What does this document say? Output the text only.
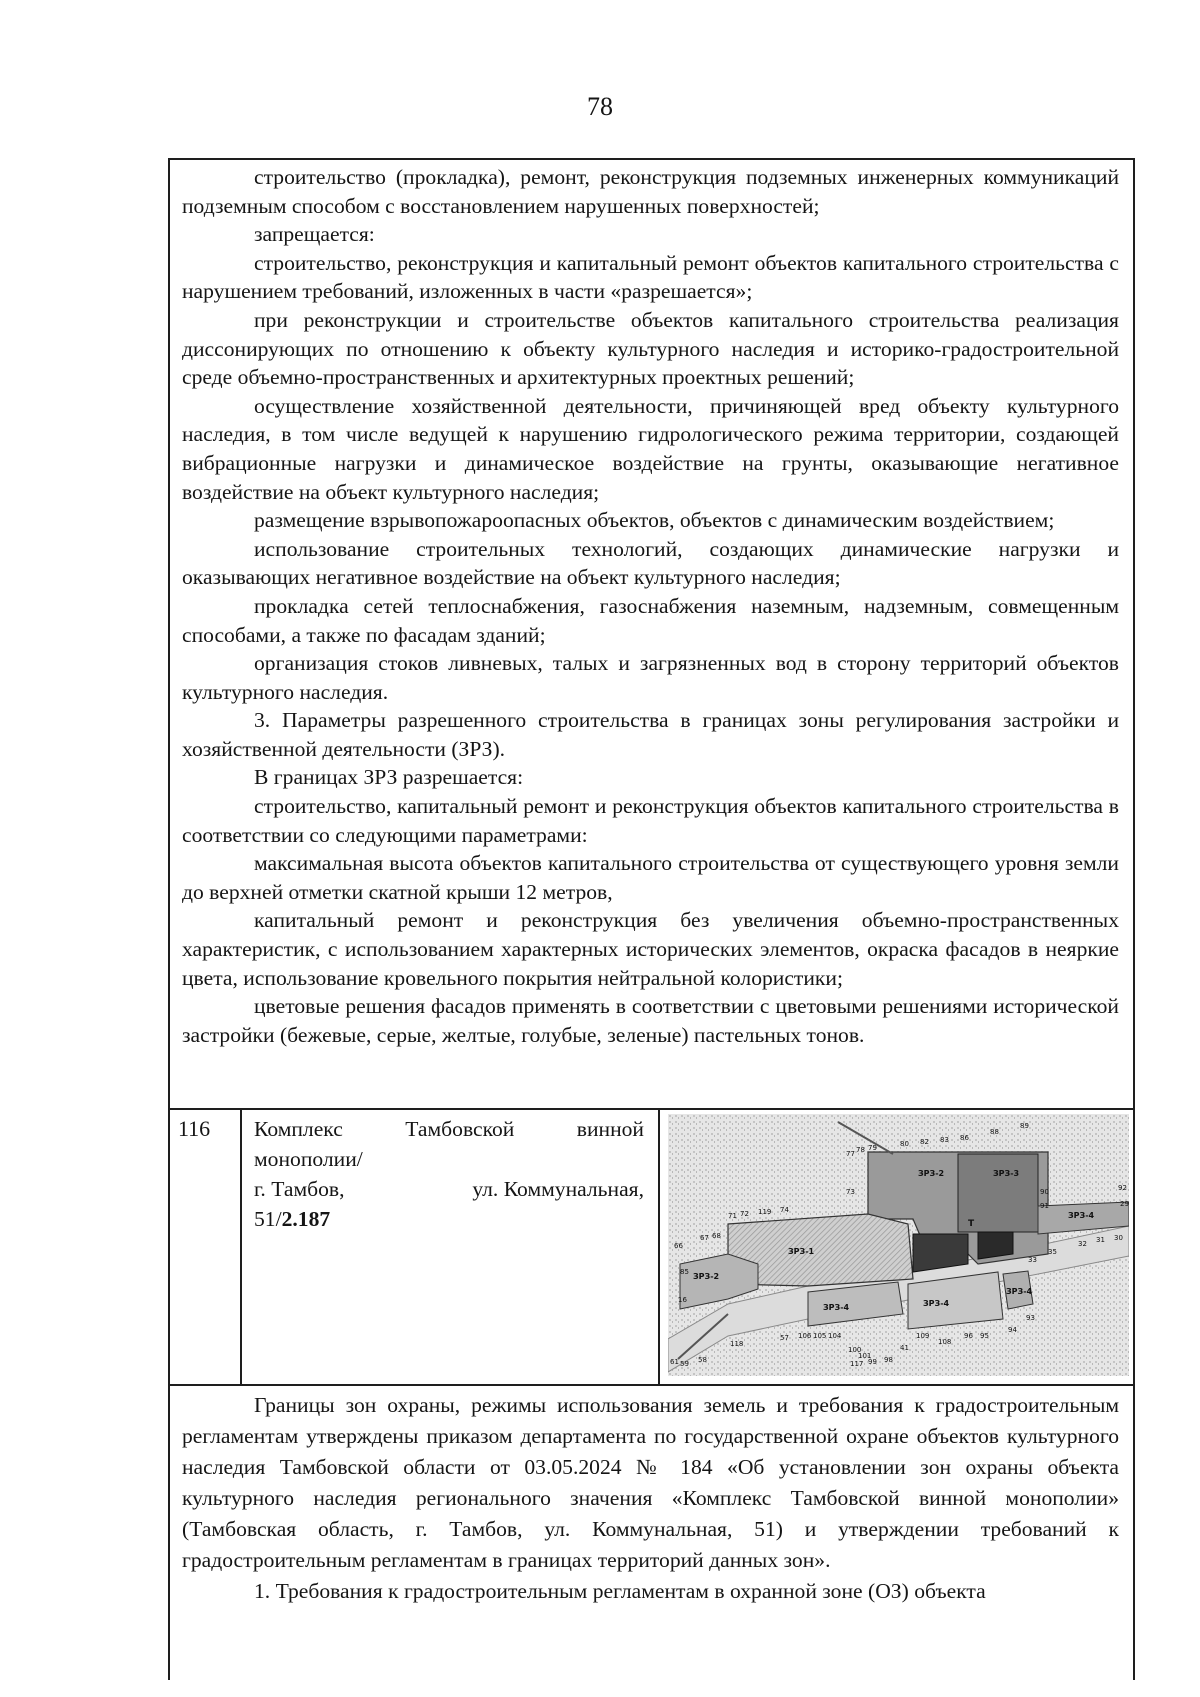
78

строительство (прокладка), ремонт, реконструкция подземных инженерных коммуникаций подземным способом с восстановлением нарушенных поверхностей;

запрещается:

строительство, реконструкция и капитальный ремонт объектов капитального строительства с нарушением требований, изложенных в части «разрешается»;

при реконструкции и строительстве объектов капитального строительства реализация диссонирующих по отношению к объекту культурного наследия и историко-градостроительной среде объемно-пространственных и архитектурных проектных решений;

осуществление хозяйственной деятельности, причиняющей вред объекту культурного наследия, в том числе ведущей к нарушению гидрологического режима территории, создающей вибрационные нагрузки и динамическое воздействие на грунты, оказывающие негативное воздействие на объект культурного наследия;

размещение взрывопожароопасных объектов, объектов с динамическим воздействием;

использование строительных технологий, создающих динамические нагрузки и оказывающих негативное воздействие на объект культурного наследия;

прокладка сетей теплоснабжения, газоснабжения наземным, надземным, совмещенным способами, а также по фасадам зданий;

организация стоков ливневых, талых и загрязненных вод в сторону территорий объектов культурного наследия.

3. Параметры разрешенного строительства в границах зоны регулирования застройки и хозяйственной деятельности (ЗРЗ).

В границах ЗРЗ разрешается:

строительство, капитальный ремонт и реконструкция объектов капитального строительства в соответствии со следующими параметрами:

максимальная высота объектов капитального строительства от существующего уровня земли до верхней отметки скатной крыши 12 метров,

капитальный ремонт и реконструкция без увеличения объемно-пространственных характеристик, с использованием характерных исторических элементов, окраска фасадов в неяркие цвета, использование кровельного покрытия нейтральной колористики;

цветовые решения фасадов применять в соответствии с цветовыми решениями исторической застройки (бежевые, серые, желтые, голубые, зеленые) пастельных тонов.

116	Комплекс Тамбовской винной монополии/
г. Тамбов,	ул. Коммунальная,
51/2.187
ЗРЗ-2	ЗРЗ-3
ЗРЗ-1
ЗРЗ-2
ЗРЗ-4
ЗРЗ-4	ЗРЗ-4
ЗРЗ-4
77 78 79	80 82 83 86
88
89
90
91
92
29
71 72 119 74
73
66
67 68
85
16
61 59 58
118
57 106 105 104	109
108
96 95
94
93
32 31 30
117 99 98
41
100
101
35
33
T

Границы зон охраны, режимы использования земель и требования к градостроительным регламентам утверждены приказом департамента по государственной охране объектов культурного наследия Тамбовской области от 03.05.2024 № 184 «Об установлении зон охраны объекта культурного наследия регионального значения «Комплекс Тамбовской винной монополии» (Тамбовская область, г. Тамбов, ул. Коммунальная, 51) и утверждении требований к градостроительным регламентам в границах территорий данных зон».

1. Требования к градостроительным регламентам в охранной зоне (ОЗ) объекта
